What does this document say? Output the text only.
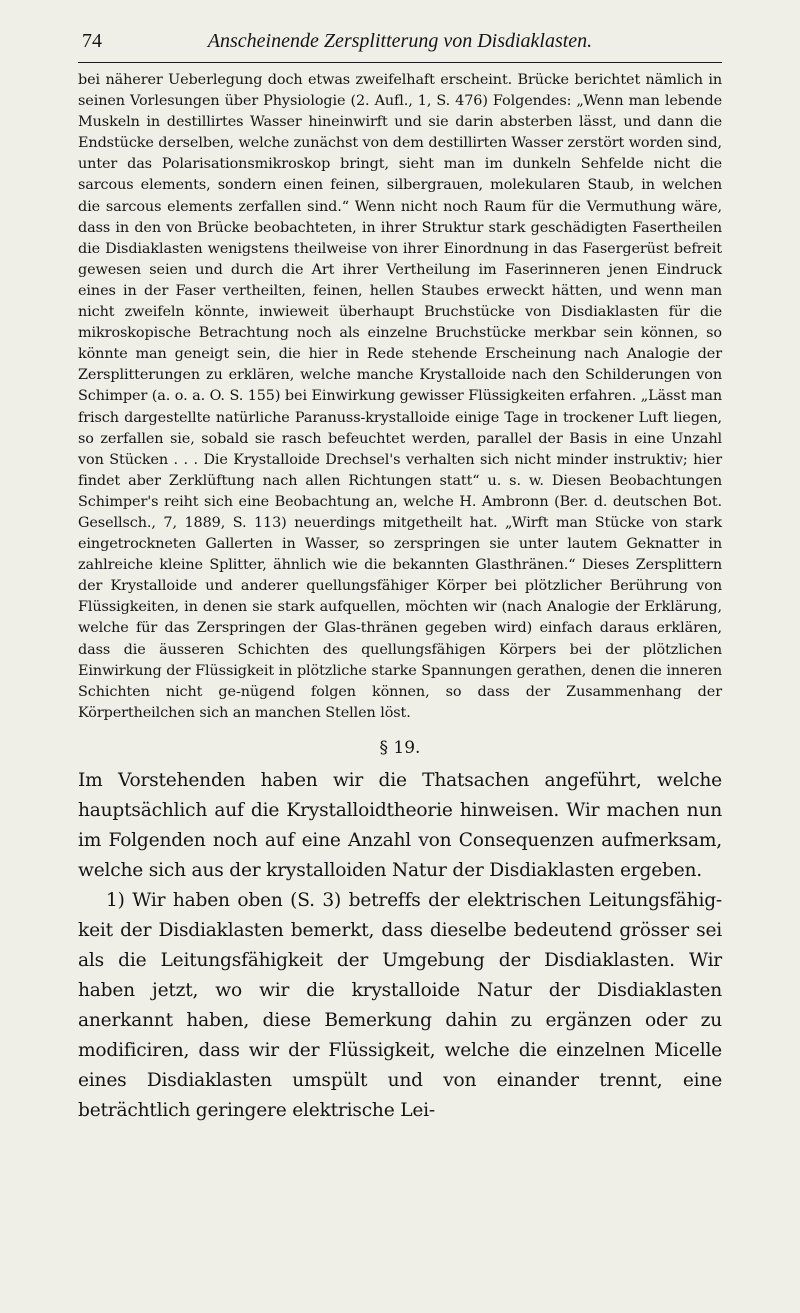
74	Anscheinende Zersplitterung von Disdiaklasten.

bei näherer Ueberlegung doch etwas zweifelhaft erscheint. Brücke berichtet nämlich in seinen Vorlesungen über Physiologie (2. Aufl., 1, S. 476) Folgendes: „Wenn man lebende Muskeln in destillirtes Wasser hineinwirft und sie darin absterben lässt, und dann die Endstücke derselben, welche zunächst von dem destillirten Wasser zerstört worden sind, unter das Polarisationsmikroskop bringt, sieht man im dunkeln Sehfelde nicht die sarcous elements, sondern einen feinen, silbergrauen, molekularen Staub, in welchen die sarcous elements zerfallen sind.“ Wenn nicht noch Raum für die Vermuthung wäre, dass in den von Brücke beobachteten, in ihrer Struktur stark geschädigten Fasertheilen die Disdiaklasten wenigstens theilweise von ihrer Einordnung in das Fasergerüst befreit gewesen seien und durch die Art ihrer Vertheilung im Faserinneren jenen Eindruck eines in der Faser vertheilten, feinen, hellen Staubes erweckt hätten, und wenn man nicht zweifeln könnte, inwieweit überhaupt Bruchstücke von Disdiaklasten für die mikroskopische Betrachtung noch als einzelne Bruchstücke merkbar sein können, so könnte man geneigt sein, die hier in Rede stehende Erscheinung nach Analogie der Zersplitterungen zu erklären, welche manche Krystalloide nach den Schilderungen von Schimper (a. o. a. O. S. 155) bei Einwirkung gewisser Flüssigkeiten erfahren. „Lässt man frisch dargestellte natürliche Paranuss-krystalloide einige Tage in trockener Luft liegen, so zerfallen sie, sobald sie rasch befeuchtet werden, parallel der Basis in eine Unzahl von Stücken . . . Die Krystalloide Drechsel's verhalten sich nicht minder instruktiv; hier findet aber Zerklüftung nach allen Richtungen statt“ u. s. w. Diesen Beobachtungen Schimper's reiht sich eine Beobachtung an, welche H. Ambronn (Ber. d. deutschen Bot. Gesellsch., 7, 1889, S. 113) neuerdings mitgetheilt hat. „Wirft man Stücke von stark eingetrockneten Gallerten in Wasser, so zerspringen sie unter lautem Geknatter in zahlreiche kleine Splitter, ähnlich wie die bekannten Glasthränen.“ Dieses Zersplittern der Krystalloide und anderer quellungsfähiger Körper bei plötzlicher Berührung von Flüssigkeiten, in denen sie stark aufquellen, möchten wir (nach Analogie der Erklärung, welche für das Zerspringen der Glas-thränen gegeben wird) einfach daraus erklären, dass die äusseren Schichten des quellungsfähigen Körpers bei der plötzlichen Einwirkung der Flüssigkeit in plötzliche starke Spannungen gerathen, denen die inneren Schichten nicht ge-nügend folgen können, so dass der Zusammenhang der Körpertheilchen sich an manchen Stellen löst.

§ 19.

Im Vorstehenden haben wir die Thatsachen angeführt, welche hauptsächlich auf die Krystalloidtheorie hinweisen. Wir machen nun im Folgenden noch auf eine Anzahl von Consequenzen aufmerksam, welche sich aus der krystalloiden Natur der Disdiaklasten ergeben.

1) Wir haben oben (S. 3) betreffs der elektrischen Leitungsfähig-keit der Disdiaklasten bemerkt, dass dieselbe bedeutend grösser sei als die Leitungsfähigkeit der Umgebung der Disdiaklasten. Wir haben jetzt, wo wir die krystalloide Natur der Disdiaklasten anerkannt haben, diese Bemerkung dahin zu ergänzen oder zu modificiren, dass wir der Flüssigkeit, welche die einzelnen Micelle eines Disdiaklasten umspült und von einander trennt, eine beträchtlich geringere elektrische Lei-
